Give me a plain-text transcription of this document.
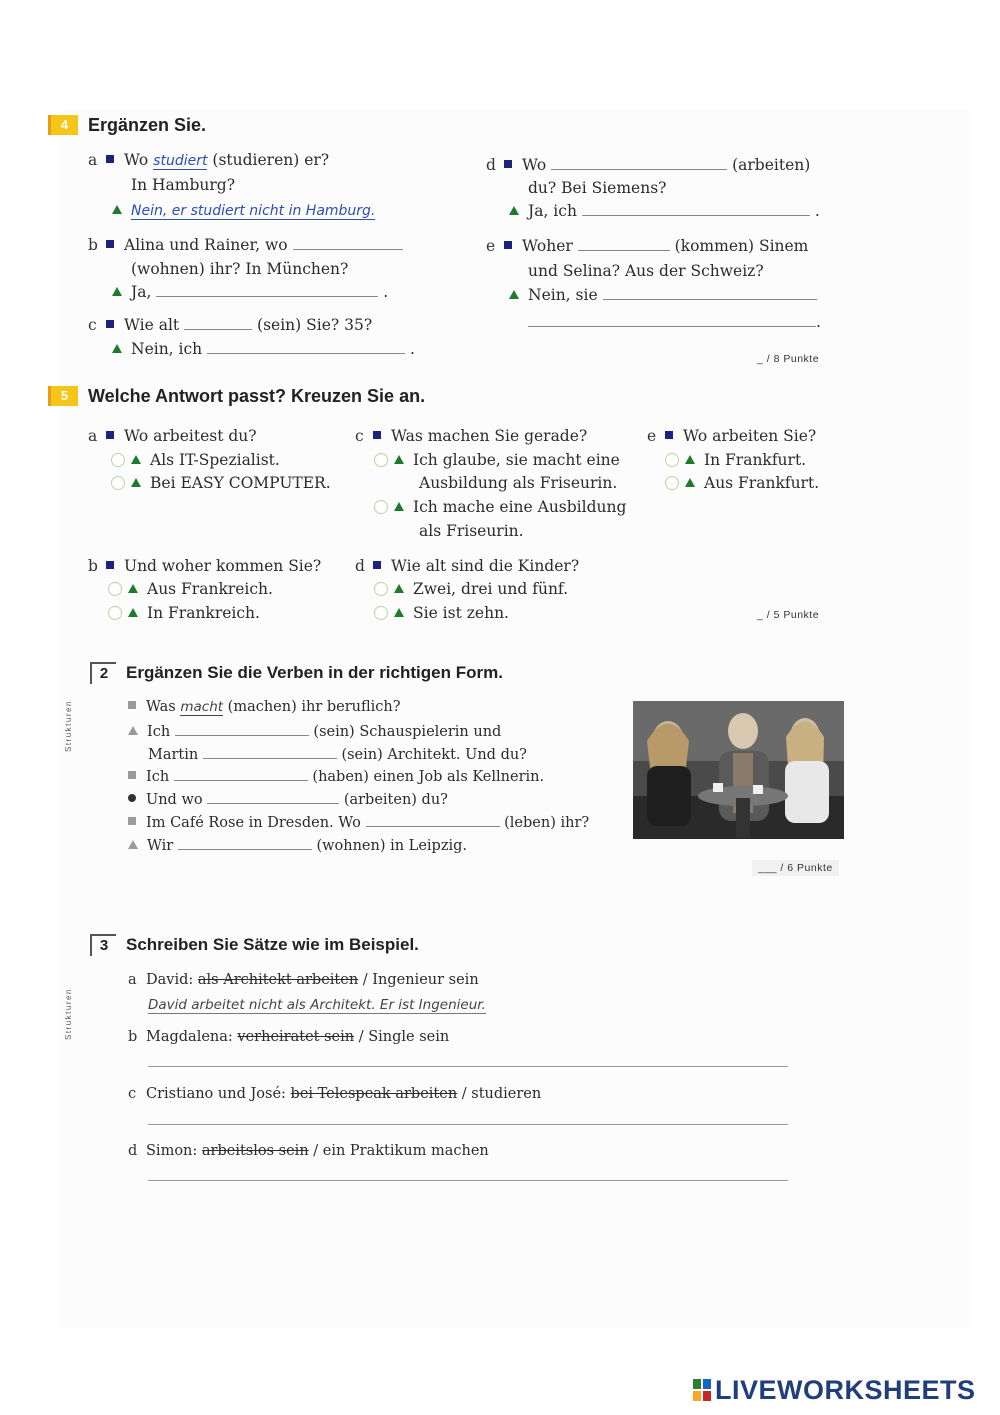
4 Ergänzen Sie.
a Wo studiert (studieren) er?
In Hamburg?
Nein, er studiert nicht in Hamburg.
b Alina und Rainer, wo
(wohnen) ihr? In München?
Ja,	.
c Wie alt	(sein) Sie? 35?
Nein, ich	.
d Wo	(arbeiten)
du? Bei Siemens?
Ja, ich	.
e Woher	(kommen) Sinem
und Selina? Aus der Schweiz?
Nein, sie
.
_ / 8 Punkte
5 Welche Antwort passt? Kreuzen Sie an.
a Wo arbeitest du?
Als IT-Spezialist.
Bei EASY COMPUTER.
c Was machen Sie gerade?
Ich glaube, sie macht eine
Ausbildung als Friseurin.
Ich mache eine Ausbildung
als Friseurin.
e Wo arbeiten Sie?
In Frankfurt.
Aus Frankfurt.
b Und woher kommen Sie?
Aus Frankreich.
In Frankreich.
d Wie alt sind die Kinder?
Zwei, drei und fünf.
Sie ist zehn.	_ / 5 Punkte
2 Ergänzen Sie die Verben in der richtigen Form.
Strukturen	Was macht (machen) ihr beruflich?
Ich	(sein) Schauspielerin und
Martin	(sein) Architekt. Und du?
Ich	(haben) einen Job als Kellnerin.
Und wo	(arbeiten) du?
Im Café Rose in Dresden. Wo	(leben) ihr?
Wir	(wohnen) in Leipzig.
___ / 6 Punkte
3 Schreiben Sie Sätze wie im Beispiel.
Strukturen
a David: als Architekt arbeiten / Ingenieur sein
David arbeitet nicht als Architekt. Er ist Ingenieur.
b Magdalena: verheiratet sein / Single sein
c Cristiano und José: bei Telespeak arbeiten / studieren
d Simon: arbeitslos sein / ein Praktikum machen
LIVEWORKSHEETS
